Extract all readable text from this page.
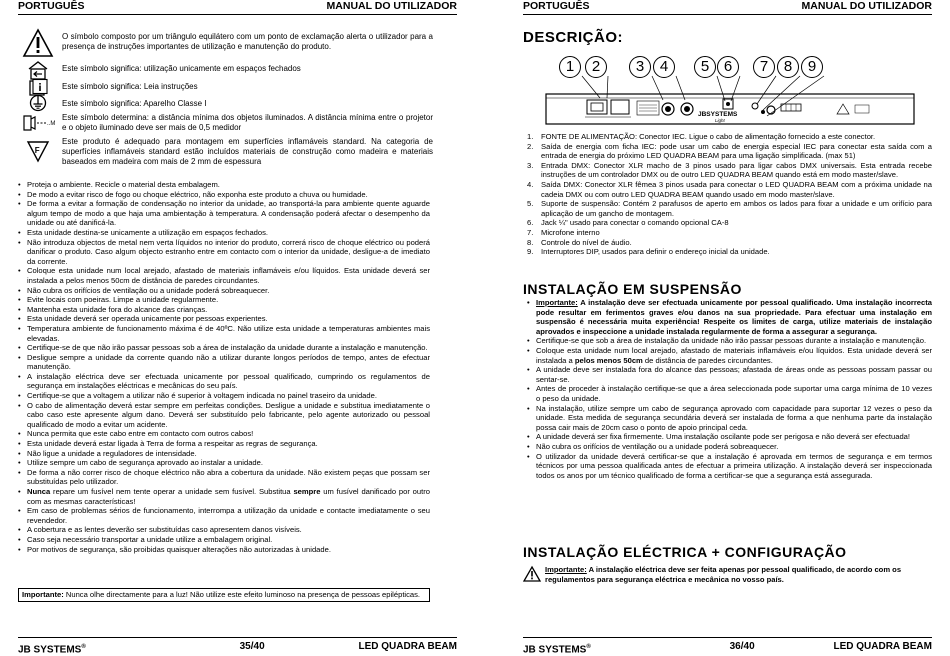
PORTUGUÊS	MANUAL DO UTILIZADOR
O símbolo composto por um triângulo equilátero com um ponto de exclamação alerta o utilizador para a presença de instruções importantes de utilização e manutenção do produto.
Este símbolo significa: utilização unicamente em espaços fechados
Este símbolo significa: Leia instruções
Este símbolo significa: Aparelho Classe I
..M
Este símbolo determina: a distância mínima dos objetos iluminados. A distância mínima entre o projetor e o objeto iluminado deve ser mais de 0,5 medidor
F
Este produto é adequado para montagem em superfícies inflamáveis standard. Na categoria de superfícies inflamáveis standard estão incluídos materiais de construção como madeira e materiais baseados em madeira com mais de 2 mm de espessura
• Proteja o ambiente. Recicle o material desta embalagem.
• De modo a evitar risco de fogo ou choque eléctrico, não exponha este produto a chuva ou humidade.
• De forma a evitar a formação de condensação no interior da unidade, ao transportá-la para ambiente quente aguarde algum tempo de modo a que haja uma ambientação à temperatura. A condensação poderá afectar o desempenho da unidade ou até danificá-la.
• Esta unidade destina-se unicamente a utilização em espaços fechados.
• Não introduza objectos de metal nem verta líquidos no interior do produto, correrá risco de choque eléctrico ou poderá danificar o produto. Caso algum objecto estranho entre em contacto com o interior da unidade, desligue-a de imediato da corrente.
• Coloque esta unidade num local arejado, afastado de materiais inflamáveis e/ou líquidos. Esta unidade deverá ser instalada a pelos menos 50cm de distância de paredes circundantes.
• Não cubra os orifícios de ventilação ou a unidade poderá sobreaquecer.
• Evite locais com poeiras. Limpe a unidade regularmente.
• Mantenha esta unidade fora do alcance das crianças.
• Esta unidade deverá ser operada unicamente por pessoas experientes.
• Temperatura ambiente de funcionamento máxima é de 40ºC. Não utilize esta unidade a temperaturas ambientes mais elevadas.
• Certifique-se de que não irão passar pessoas sob a área de instalação da unidade durante a instalação e manutenção.
• Desligue sempre a unidade da corrente quando não a utilizar durante longos períodos de tempo, antes de efectuar manutenção.
• A instalação eléctrica deve ser efectuada unicamente por pessoal qualificado, cumprindo os regulamentos de segurança em instalações eléctricas e mecânicas do seu país.
• Certifique-se que a voltagem a utilizar não é superior à voltagem indicada no painel traseiro da unidade.
• O cabo de alimentação deverá estar sempre em perfeitas condições. Desligue a unidade e substitua imediatamente o cabo caso este apresente algum dano. Deverá ser substituído pelo fabricante, pelo agente autorizado ou pessoal qualificado de modo a evitar um acidente.
• Nunca permita que este cabo entre em contacto com outros cabos!
• Esta unidade deverá estar ligada à Terra de forma a respeitar as regras de segurança.
• Não ligue a unidade a reguladores de intensidade.
• Utilize sempre um cabo de segurança aprovado ao instalar a unidade.
• De forma a não correr risco de choque eléctrico não abra a cobertura da unidade. Não existem peças que possam ser substituídas pelo utilizador.
• Nunca repare um fusível nem tente operar a unidade sem fusível. Substitua sempre um fusível danificado por outro com as mesmas características!
• Em caso de problemas sérios de funcionamento, interrompa a utilização da unidade e contacte imediatamente o seu revendedor.
• A cobertura e as lentes deverão ser substituídas caso apresentem danos visíveis.
• Caso seja necessário transportar a unidade utilize a embalagem original.
• Por motivos de segurança, são proibidas quaisquer alterações não autorizadas à unidade.
Importante: Nunca olhe directamente para a luz! Não utilize este efeito luminoso na presença de pessoas epilépticas.
JB SYSTEMS®	35/40	LED QUADRA BEAM
PORTUGUÊS	MANUAL DO UTILIZADOR
DESCRIÇÃO:
JBSYSTEMS
Light
1	2	3	4	5 6	7	8	9
1. FONTE DE ALIMENTAÇÃO: Conector IEC. Ligue o cabo de alimentação fornecido a este conector.
2. Saída de energia com ficha IEC: pode usar um cabo de energia especial IEC para conectar esta saída com a entrada de energia do próximo LED QUADRA BEAM para uma ligação simplificada. (max 51)
3. Entrada DMX: Conector XLR macho de 3 pinos usado para ligar cabos DMX universais. Esta entrada recebe instruções de um controlador DMX ou de outro LED QUADRA BEAM quando está em modo master/slave.
4. Saída DMX: Conector XLR fêmea 3 pinos usada para conectar o LED QUADRA BEAM com a próxima unidade na cadeia DMX ou com outro LED QUADRA BEAM quando usado em modo master/slave.
5. Suporte de suspensão: Contém 2 parafusos de aperto em ambos os lados para fixar a unidade e um orifício para aplicação de um gancho de montagem.
6. Jack ¼" usado para conectar o comando opcional CA-8
7. Microfone interno
8. Controle do nível de áudio.
9. Interruptores DIP, usados para definir o endereço inicial da unidade.
INSTALAÇÃO EM SUSPENSÃO
• Importante: A instalação deve ser efectuada unicamente por pessoal qualificado. Uma instalação incorrecta pode resultar em ferimentos graves e/ou danos na sua propriedade. Para efectuar uma instalação em suspensão é necessária muita experiência! Respeite os limites de carga, utilize materiais de instalação aprovados e inspeccione a unidade instalada regularmente de forma a assegurar a segurança.
• Certifique-se que sob a área de instalação da unidade não irão passar pessoas durante a instalação e manutenção.
• Coloque esta unidade num local arejado, afastado de materiais inflamáveis e/ou líquidos. Esta unidade deverá ser instalada a pelos menos 50cm de distância de paredes circundantes.
• A unidade deve ser instalada fora do alcance das pessoas; afastada de áreas onde as pessoas possam passar ou sentar-se.
• Antes de proceder à instalação certifique-se que a área seleccionada pode suportar uma carga mínima de 10 vezes o peso da unidade.
• Na instalação, utilize sempre um cabo de segurança aprovado com capacidade para suportar 12 vezes o peso da unidade. Esta medida de segurança secundária deverá ser instalada de forma a que nenhuma parte da instalação possa cair mais de 20cm caso o ponto de apoio principal ceda.
• A unidade deverá ser fixa firmemente. Uma instalação oscilante pode ser perigosa e não deverá ser efectuada!
• Não cubra os orifícios de ventilação ou a unidade poderá sobreaquecer.
• O utilizador da unidade deverá certificar-se que a instalação é aprovada em termos de segurança e em termos técnicos por uma pessoa qualificada antes de efectuar a primeira utilização. A instalação deverá ser inspeccionada todos os anos por um técnico qualificado de forma a certificar-se que a segurança está assegurada.
INSTALAÇÃO ELÉCTRICA + CONFIGURAÇÃO
Importante: A instalação eléctrica deve ser feita apenas por pessoal qualificado, de acordo com os regulamentos para segurança eléctrica e mecânica no vosso país.
JB SYSTEMS®	36/40	LED QUADRA BEAM
